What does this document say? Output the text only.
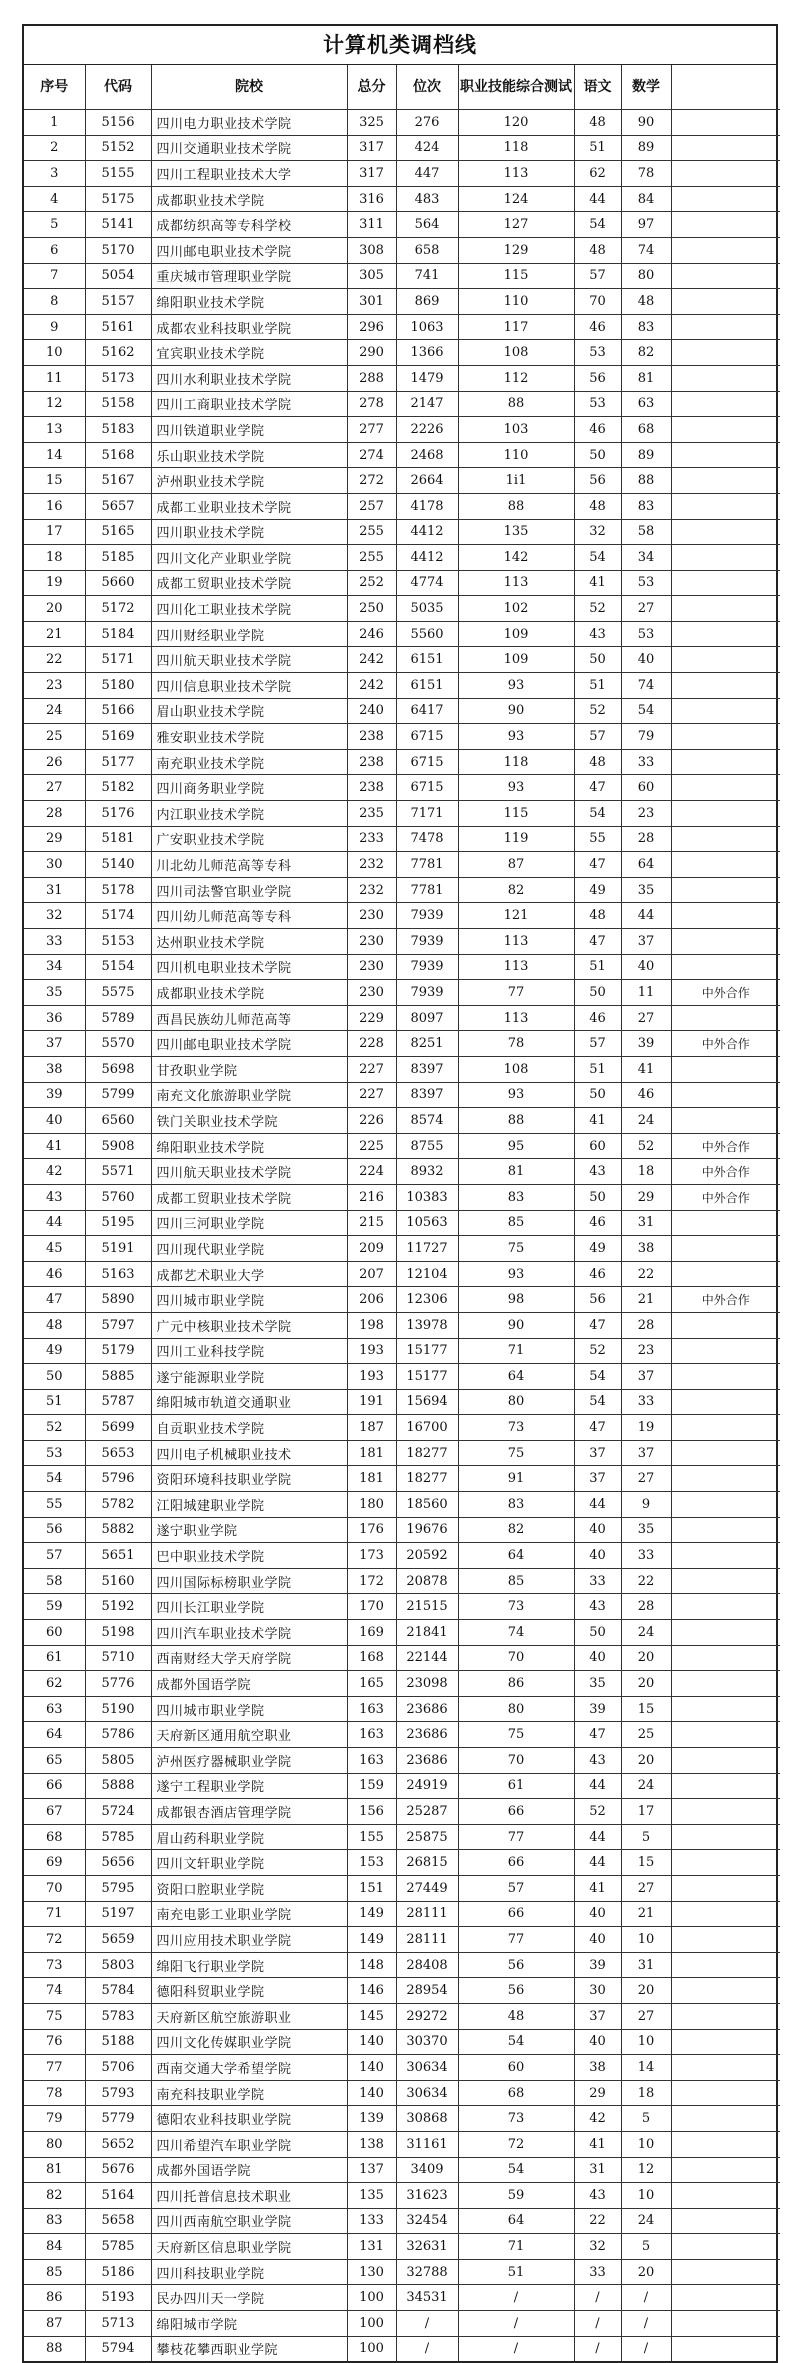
计算机类调档线
序号	代码	院校	总分	位次	职业技能综合测试	语文	数学	
1	5156	四川电力职业技术学院	325	276	120	48	90	
2	5152	四川交通职业技术学院	317	424	118	51	89	
3	5155	四川工程职业技术大学	317	447	113	62	78	
4	5175	成都职业技术学院	316	483	124	44	84	
5	5141	成都纺织高等专科学校	311	564	127	54	97	
6	5170	四川邮电职业技术学院	308	658	129	48	74	
7	5054	重庆城市管理职业学院	305	741	115	57	80	
8	5157	绵阳职业技术学院	301	869	110	70	48	
9	5161	成都农业科技职业学院	296	1063	117	46	83	
10	5162	宜宾职业技术学院	290	1366	108	53	82	
11	5173	四川水利职业技术学院	288	1479	112	56	81	
12	5158	四川工商职业技术学院	278	2147	88	53	63	
13	5183	四川铁道职业学院	277	2226	103	46	68	
14	5168	乐山职业技术学院	274	2468	110	50	89	
15	5167	泸州职业技术学院	272	2664	1i1	56	88	
16	5657	成都工业职业技术学院	257	4178	88	48	83	
17	5165	四川职业技术学院	255	4412	135	32	58	
18	5185	四川文化产业职业学院	255	4412	142	54	34	
19	5660	成都工贸职业技术学院	252	4774	113	41	53	
20	5172	四川化工职业技术学院	250	5035	102	52	27	
21	5184	四川财经职业学院	246	5560	109	43	53	
22	5171	四川航天职业技术学院	242	6151	109	50	40	
23	5180	四川信息职业技术学院	242	6151	93	51	74	
24	5166	眉山职业技术学院	240	6417	90	52	54	
25	5169	雅安职业技术学院	238	6715	93	57	79	
26	5177	南充职业技术学院	238	6715	118	48	33	
27	5182	四川商务职业学院	238	6715	93	47	60	
28	5176	内江职业技术学院	235	7171	115	54	23	
29	5181	广安职业技术学院	233	7478	119	55	28	
30	5140	川北幼儿师范高等专科	232	7781	87	47	64	
31	5178	四川司法警官职业学院	232	7781	82	49	35	
32	5174	四川幼儿师范高等专科	230	7939	121	48	44	
33	5153	达州职业技术学院	230	7939	113	47	37	
34	5154	四川机电职业技术学院	230	7939	113	51	40	
35	5575	成都职业技术学院	230	7939	77	50	11	中外合作
36	5789	西昌民族幼儿师范高等	229	8097	113	46	27	
37	5570	四川邮电职业技术学院	228	8251	78	57	39	中外合作
38	5698	甘孜职业学院	227	8397	108	51	41	
39	5799	南充文化旅游职业学院	227	8397	93	50	46	
40	6560	铁门关职业技术学院	226	8574	88	41	24	
41	5908	绵阳职业技术学院	225	8755	95	60	52	中外合作
42	5571	四川航天职业技术学院	224	8932	81	43	18	中外合作
43	5760	成都工贸职业技术学院	216	10383	83	50	29	中外合作
44	5195	四川三河职业学院	215	10563	85	46	31	
45	5191	四川现代职业学院	209	11727	75	49	38	
46	5163	成都艺术职业大学	207	12104	93	46	22	
47	5890	四川城市职业学院	206	12306	98	56	21	中外合作
48	5797	广元中核职业技术学院	198	13978	90	47	28	
49	5179	四川工业科技学院	193	15177	71	52	23	
50	5885	遂宁能源职业学院	193	15177	64	54	37	
51	5787	绵阳城市轨道交通职业	191	15694	80	54	33	
52	5699	自贡职业技术学院	187	16700	73	47	19	
53	5653	四川电子机械职业技术	181	18277	75	37	37	
54	5796	资阳环境科技职业学院	181	18277	91	37	27	
55	5782	江阳城建职业学院	180	18560	83	44	9	
56	5882	遂宁职业学院	176	19676	82	40	35	
57	5651	巴中职业技术学院	173	20592	64	40	33	
58	5160	四川国际标榜职业学院	172	20878	85	33	22	
59	5192	四川长江职业学院	170	21515	73	43	28	
60	5198	四川汽车职业技术学院	169	21841	74	50	24	
61	5710	西南财经大学天府学院	168	22144	70	40	20	
62	5776	成都外国语学院	165	23098	86	35	20	
63	5190	四川城市职业学院	163	23686	80	39	15	
64	5786	天府新区通用航空职业	163	23686	75	47	25	
65	5805	泸州医疗器械职业学院	163	23686	70	43	20	
66	5888	遂宁工程职业学院	159	24919	61	44	24	
67	5724	成都银杏酒店管理学院	156	25287	66	52	17	
68	5785	眉山药科职业学院	155	25875	77	44	5	
69	5656	四川文轩职业学院	153	26815	66	44	15	
70	5795	资阳口腔职业学院	151	27449	57	41	27	
71	5197	南充电影工业职业学院	149	28111	66	40	21	
72	5659	四川应用技术职业学院	149	28111	77	40	10	
73	5803	绵阳飞行职业学院	148	28408	56	39	31	
74	5784	德阳科贸职业学院	146	28954	56	30	20	
75	5783	天府新区航空旅游职业	145	29272	48	37	27	
76	5188	四川文化传媒职业学院	140	30370	54	40	10	
77	5706	西南交通大学希望学院	140	30634	60	38	14	
78	5793	南充科技职业学院	140	30634	68	29	18	
79	5779	德阳农业科技职业学院	139	30868	73	42	5	
80	5652	四川希望汽车职业学院	138	31161	72	41	10	
81	5676	成都外国语学院	137	3409	54	31	12	
82	5164	四川托普信息技术职业	135	31623	59	43	10	
83	5658	四川西南航空职业学院	133	32454	64	22	24	
84	5785	天府新区信息职业学院	131	32631	71	32	5	
85	5186	四川科技职业学院	130	32788	51	33	20	
86	5193	民办四川天一学院	100	34531	/	/	/	
87	5713	绵阳城市学院	100	/	/	/	/	
88	5794	攀枝花攀西职业学院	100	/	/	/	/	
